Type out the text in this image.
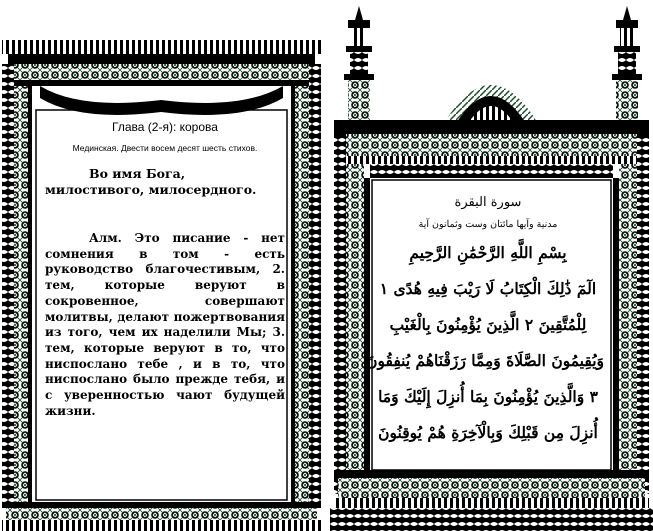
Глава (2-я): корова

Мединская. Двести восем десят шесть стихов.

Во имя Бога, милостивого, милосердного.

Алм. Это писание - нет сомнения в том - есть руководство благочестивым, 2. тем, которые веруют в сокровенное, совершают молитвы, делают пожертвования из того, чем их наделили Мы; 3. тем, которые веруют в то, что ниспослано тебе , и в то, что ниспослано было прежде тебя, и с уверенностью чают будущей жизни.

سورة البقرة

مدنية وآيها مائتان وست وثمانون آية

بِسْمِ اللَّهِ الرَّحْمَٰنِ الرَّحِيمِ

الٓمٓ ذَٰلِكَ الْكِتَابُ لَا رَيْبَ فِيهِ هُدًى ١

لِلْمُتَّقِينَ ٢ الَّذِينَ يُؤْمِنُونَ بِالْغَيْبِ

وَيُقِيمُونَ الصَّلَاةَ وَمِمَّا رَزَقْنَاهُمْ يُنفِقُونَ

٣ وَالَّذِينَ يُؤْمِنُونَ بِمَا أُنزِلَ إِلَيْكَ وَمَا

أُنزِلَ مِن قَبْلِكَ وَبِالْآخِرَةِ هُمْ يُوقِنُونَ
